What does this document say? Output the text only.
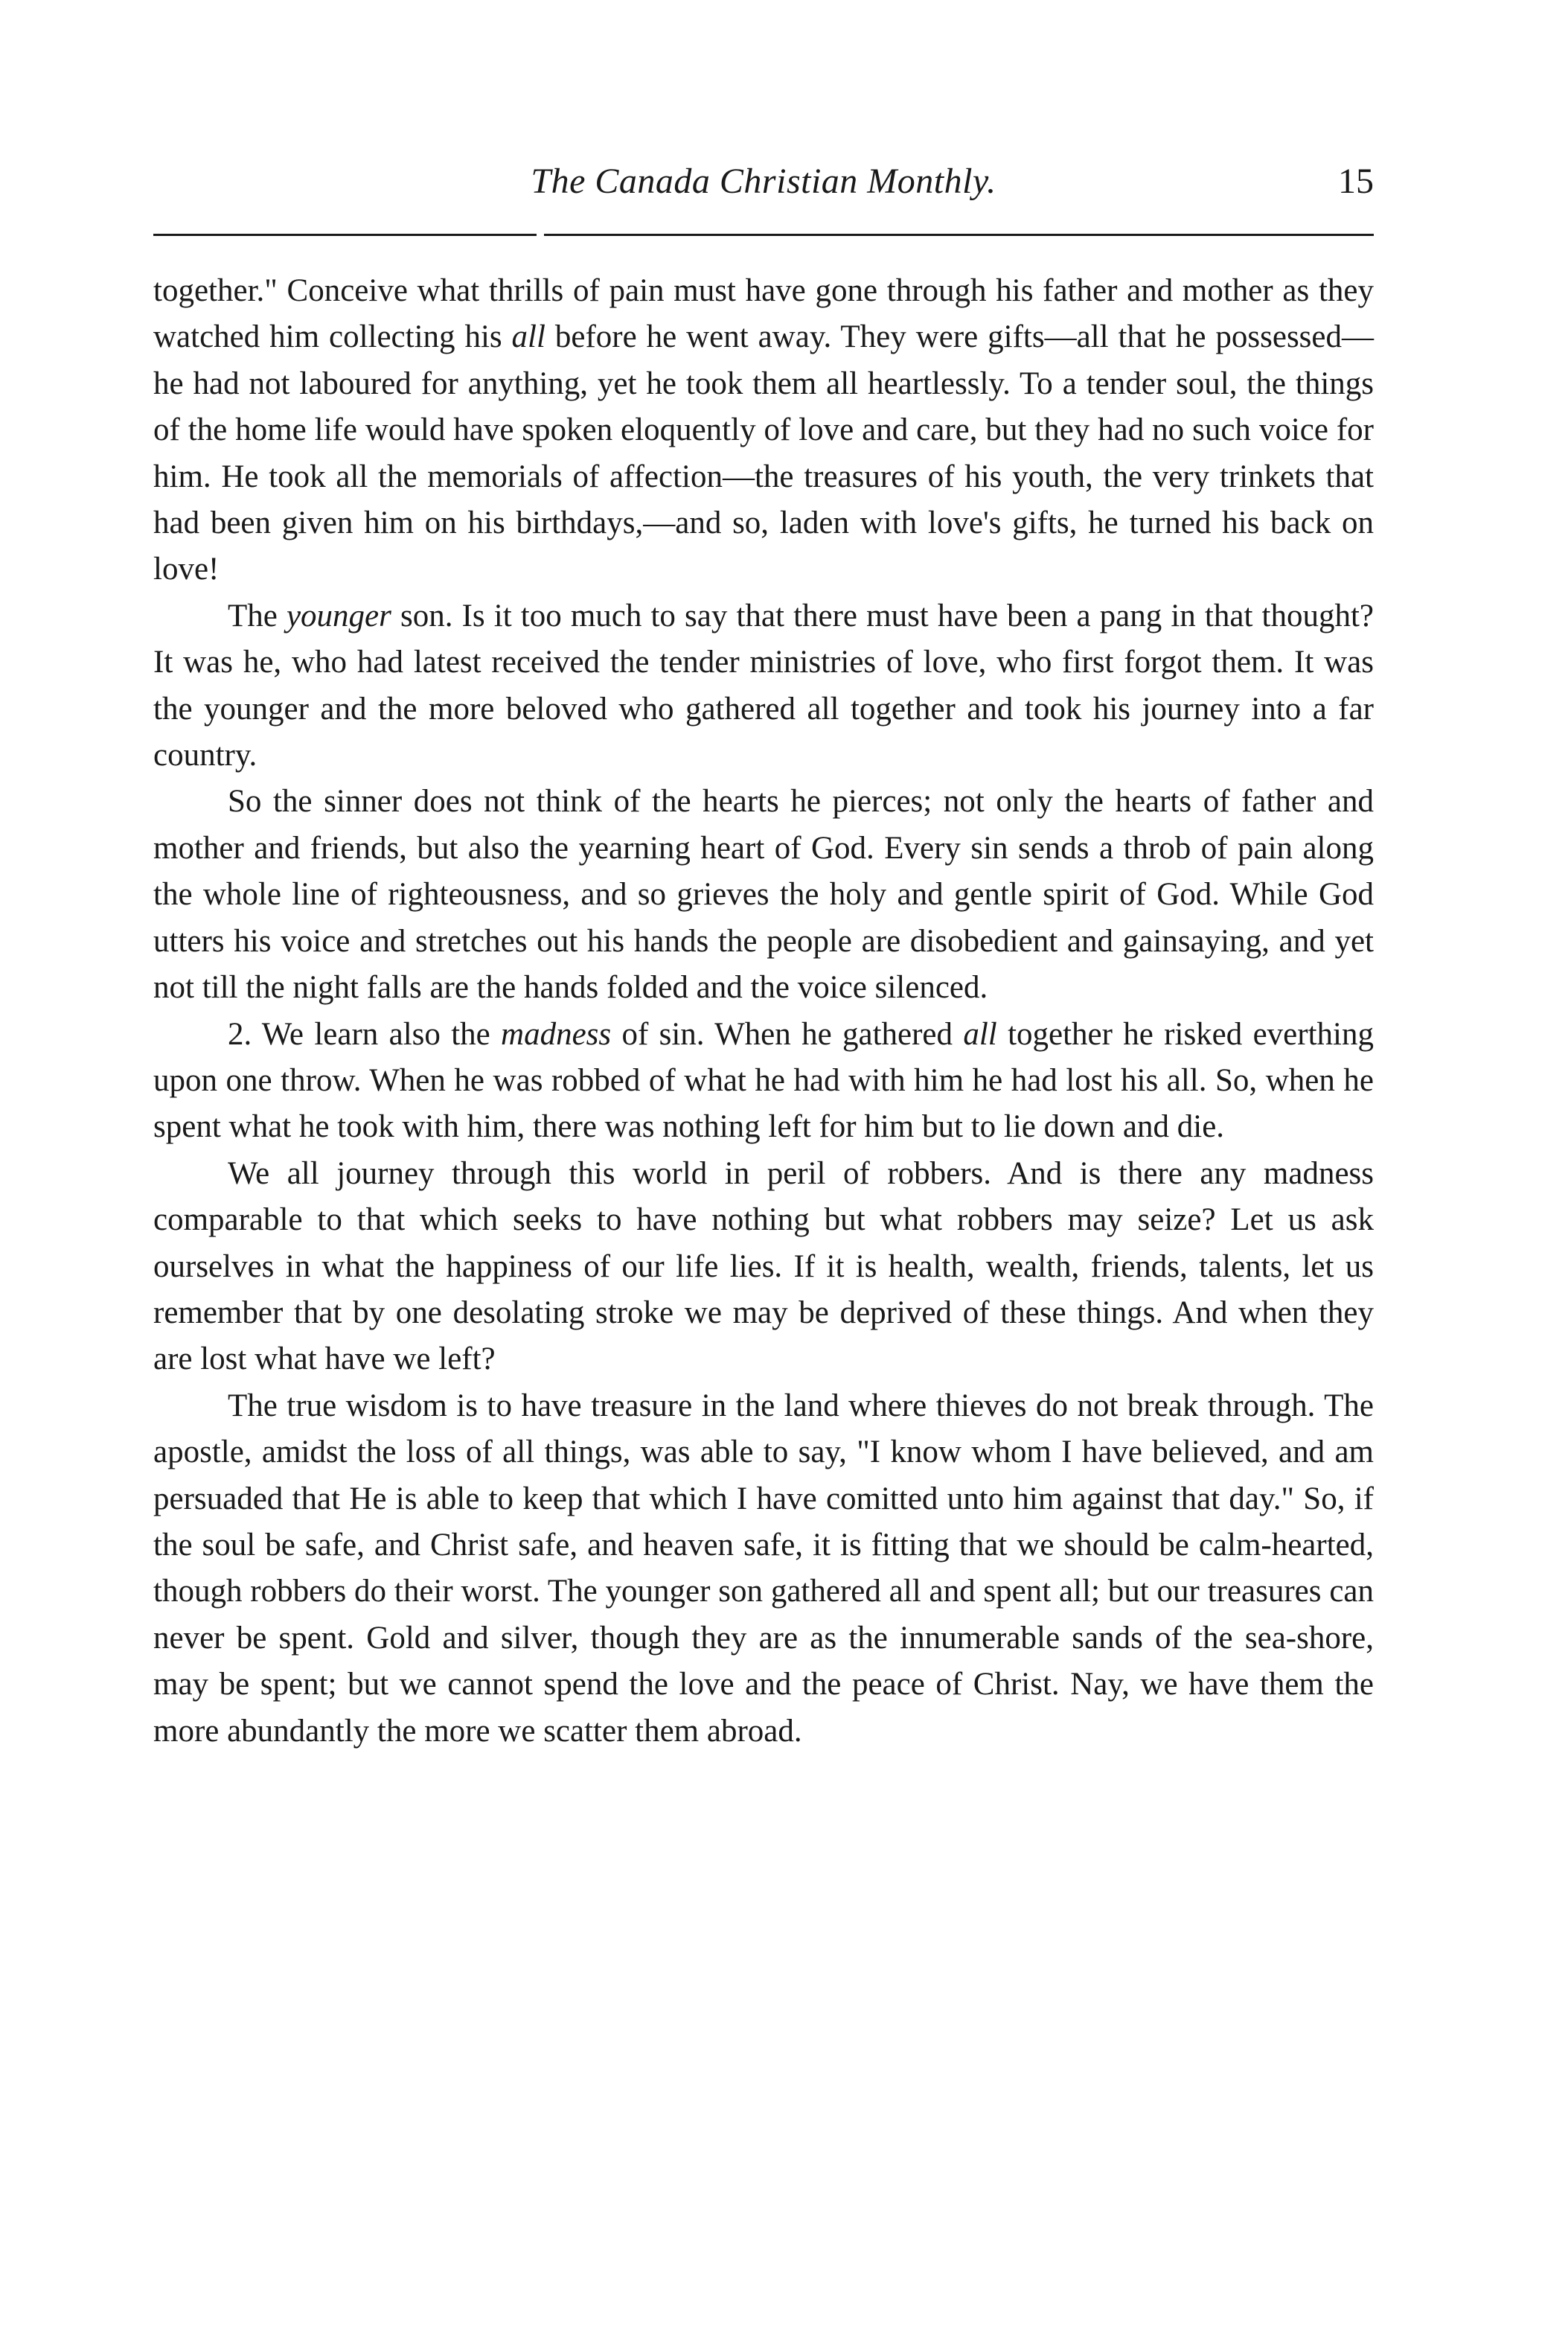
The Canada Christian Monthly.	15

together." Conceive what thrills of pain must have gone through his father and mother as they watched him collecting his all before he went away. They were gifts—all that he possessed—he had not laboured for anything, yet he took them all heartlessly. To a tender soul, the things of the home life would have spoken eloquently of love and care, but they had no such voice for him. He took all the memorials of affection—the treasures of his youth, the very trinkets that had been given him on his birthdays,—and so, laden with love's gifts, he turned his back on love!

The younger son. Is it too much to say that there must have been a pang in that thought? It was he, who had latest received the tender ministries of love, who first forgot them. It was the younger and the more beloved who gathered all together and took his journey into a far country.

So the sinner does not think of the hearts he pierces; not only the hearts of father and mother and friends, but also the yearning heart of God. Every sin sends a throb of pain along the whole line of righteousness, and so grieves the holy and gentle spirit of God. While God utters his voice and stretches out his hands the people are disobedient and gainsaying, and yet not till the night falls are the hands folded and the voice silenced.

2. We learn also the madness of sin. When he gathered all together he risked everthing upon one throw. When he was robbed of what he had with him he had lost his all. So, when he spent what he took with him, there was nothing left for him but to lie down and die.

We all journey through this world in peril of robbers. And is there any madness comparable to that which seeks to have nothing but what robbers may seize? Let us ask ourselves in what the happiness of our life lies. If it is health, wealth, friends, talents, let us remember that by one desolating stroke we may be deprived of these things. And when they are lost what have we left?

The true wisdom is to have treasure in the land where thieves do not break through. The apostle, amidst the loss of all things, was able to say, "I know whom I have believed, and am persuaded that He is able to keep that which I have comitted unto him against that day." So, if the soul be safe, and Christ safe, and heaven safe, it is fitting that we should be calm-hearted, though robbers do their worst. The younger son gathered all and spent all; but our treasures can never be spent. Gold and silver, though they are as the innumerable sands of the sea-shore, may be spent; but we cannot spend the love and the peace of Christ. Nay, we have them the more abundantly the more we scatter them abroad.
